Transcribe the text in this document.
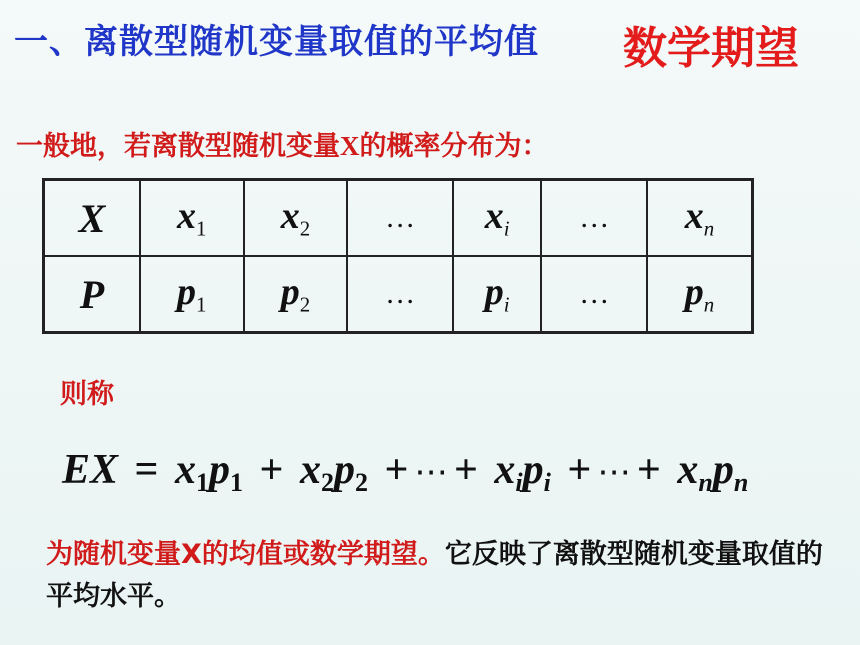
一、离散型随机变量取值的平均值 数学期望
一般地，若离散型随机变量X的概率分布为：
X	$x_1$	$x_2$	…	$x_i$	…	$x_n$
P	$p_1$	$p_2$	…	$p_i$	…	$p_n$
则称
EX = $x_1p_1 + x_2p_2$ + ⋯ + $x_ip_i$ + ⋯ + $x_np_n$
为随机变量X的均值或数学期望。它反映了离散型随机变量取值的平均水平。
